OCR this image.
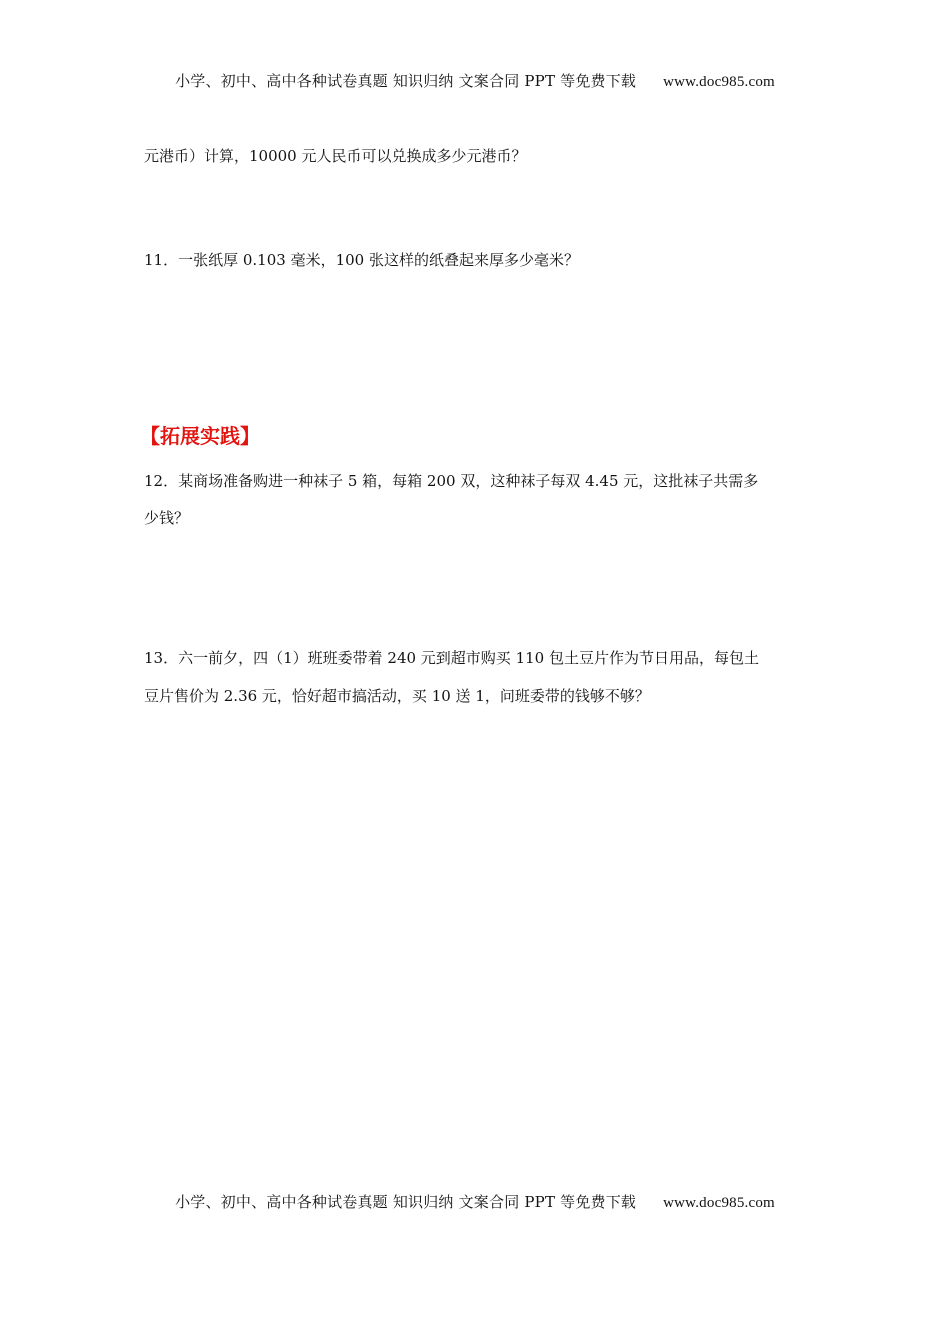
小学、初中、高中各种试卷真题 知识归纳 文案合同 PPT 等免费下载 www.doc985.com
元港币）计算，10000 元人民币可以兑换成多少元港币？
11．一张纸厚 0.103 毫米，100 张这样的纸叠起来厚多少毫米？
【拓展实践】
12．某商场准备购进一种袜子 5 箱，每箱 200 双，这种袜子每双 4.45 元，这批袜子共需多
少钱？
13．六一前夕，四（1）班班委带着 240 元到超市购买 110 包土豆片作为节日用品，每包土
豆片售价为 2.36 元，恰好超市搞活动，买 10 送 1，问班委带的钱够不够？
小学、初中、高中各种试卷真题 知识归纳 文案合同 PPT 等免费下载 www.doc985.com
